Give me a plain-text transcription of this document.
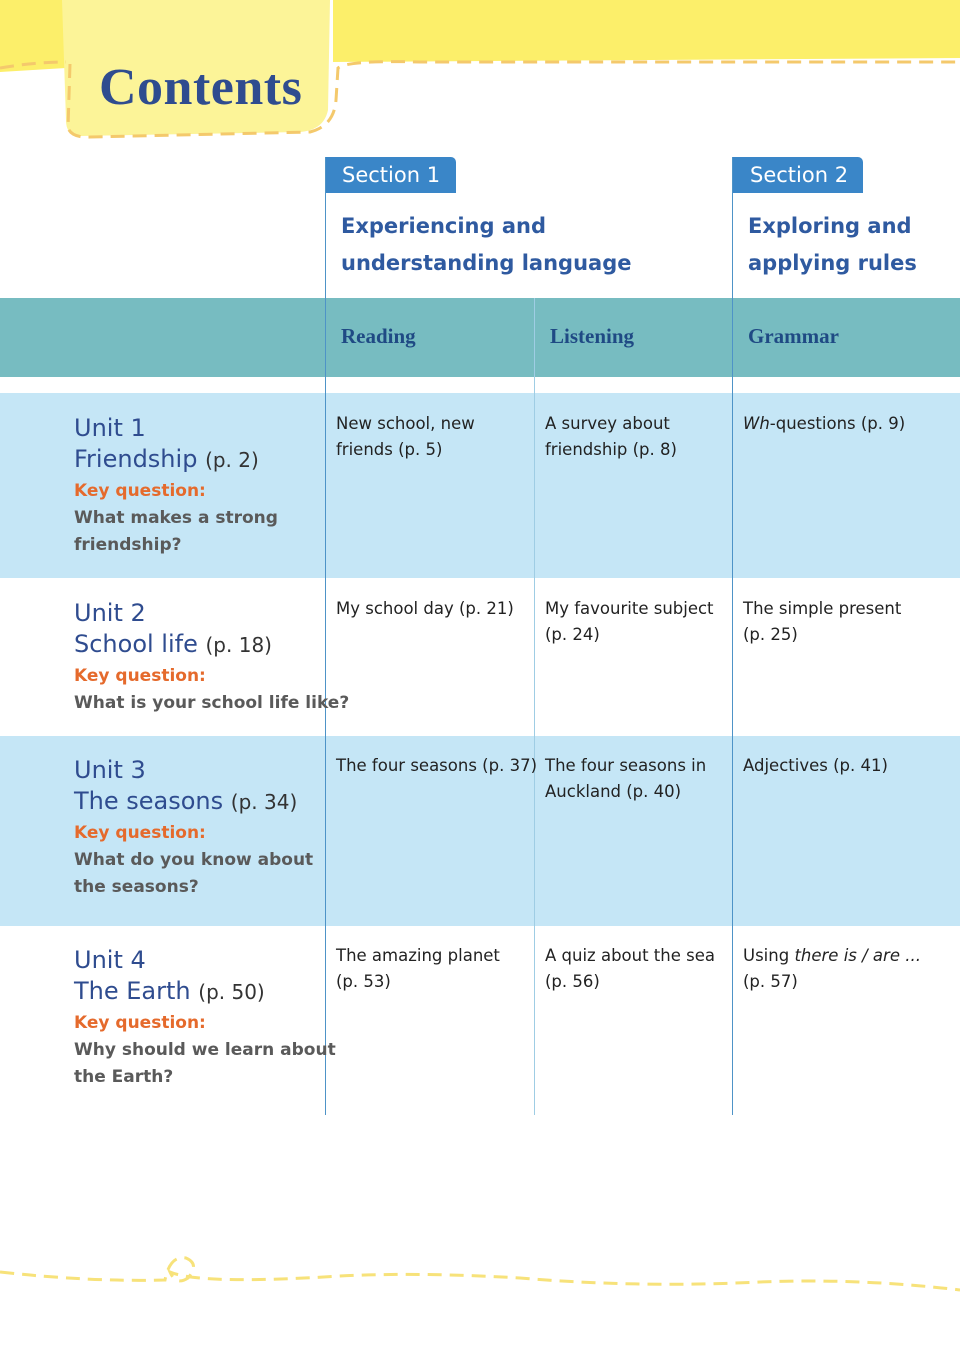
Contents
Section 1
Experiencing and
understanding language
Section 2
Exploring and
applying rules
Reading	Listening	Grammar
Unit 1
Friendship (p. 2)
Key question:
What makes a strong
friendship?
New school, new
friends (p. 5)
A survey about
friendship (p. 8)
Wh-questions (p. 9)
Unit 2
School life (p. 18)
Key question:
What is your school life like?
My school day (p. 21) My favourite subject
(p. 24)
The simple present
(p. 25)
Unit 3
The seasons (p. 34)
Key question:
What do you know about
the seasons?
The four seasons (p. 37) The four seasons in
Auckland (p. 40)
Adjectives (p. 41)
Unit 4
The Earth (p. 50)
Key question:
Why should we learn about
the Earth?
The amazing planet
(p. 53)
A quiz about the sea
(p. 56)
Using there is / are ...
(p. 57)
